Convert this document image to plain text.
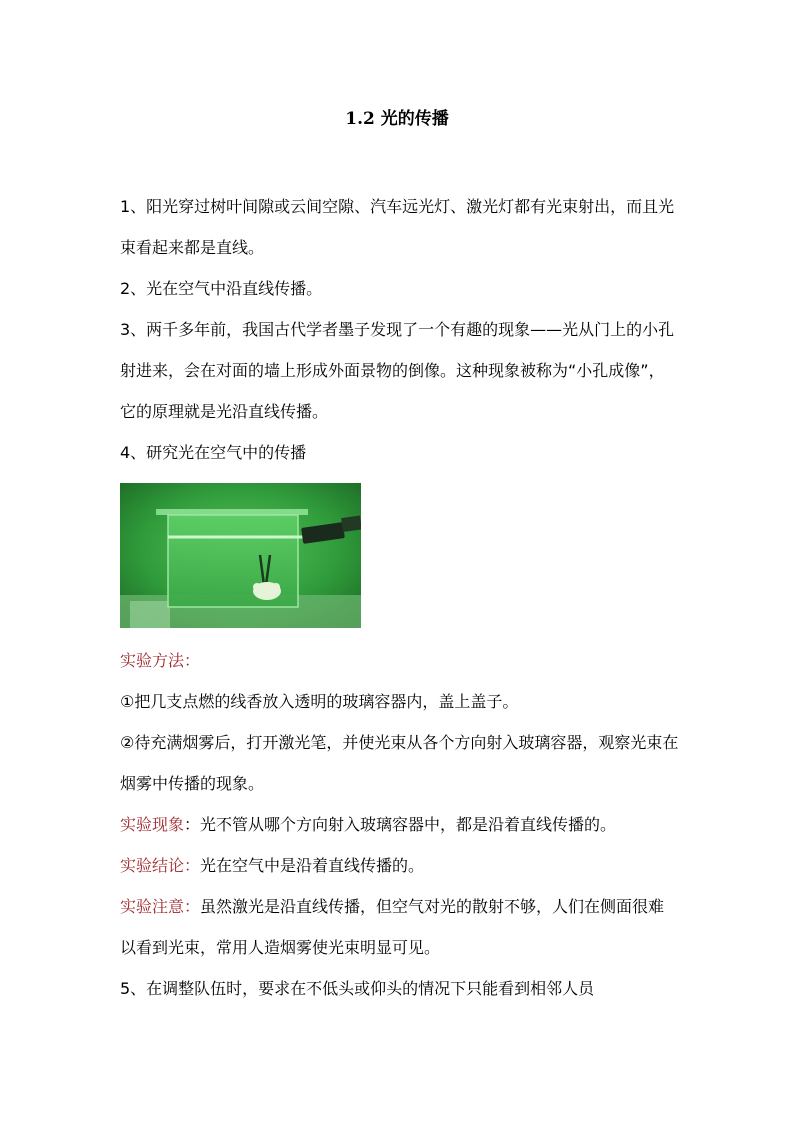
1.2 光的传播

1、阳光穿过树叶间隙或云间空隙、汽车远光灯、激光灯都有光束射出，而且光束看起来都是直线。

2、光在空气中沿直线传播。

3、两千多年前，我国古代学者墨子发现了一个有趣的现象——光从门上的小孔射进来，会在对面的墙上形成外面景物的倒像。这种现象被称为“小孔成像”，它的原理就是光沿直线传播。

4、研究光在空气中的传播

实验方法：

①把几支点燃的线香放入透明的玻璃容器内，盖上盖子。

②待充满烟雾后，打开激光笔，并使光束从各个方向射入玻璃容器，观察光束在烟雾中传播的现象。

实验现象：光不管从哪个方向射入玻璃容器中，都是沿着直线传播的。

实验结论：光在空气中是沿着直线传播的。

实验注意：虽然激光是沿直线传播，但空气对光的散射不够，人们在侧面很难以看到光束，常用人造烟雾使光束明显可见。

5、在调整队伍时，要求在不低头或仰头的情况下只能看到相邻人员
